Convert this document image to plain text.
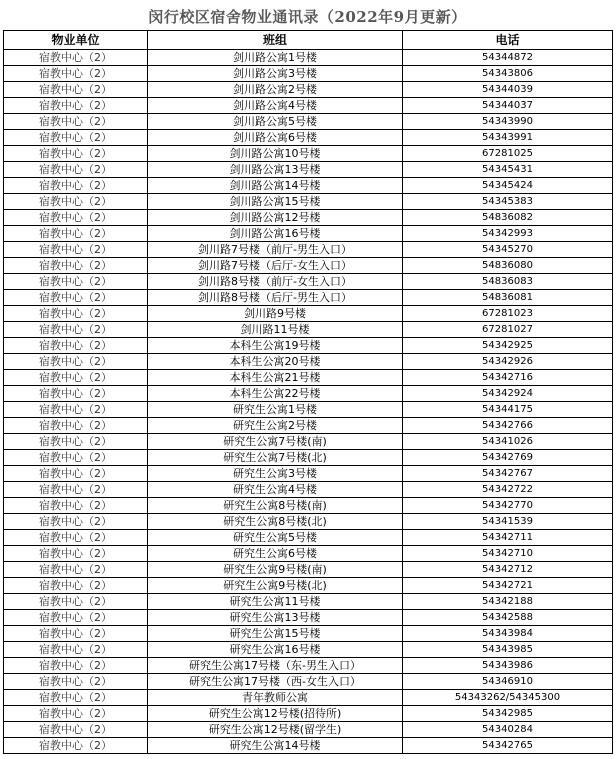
闵行校区宿舍物业通讯录（2022年9月更新）
物业单位	班组	电话
宿教中心（2）	剑川路公寓1号楼	54344872
宿教中心（2）	剑川路公寓3号楼	54343806
宿教中心（2）	剑川路公寓2号楼	54344039
宿教中心（2）	剑川路公寓4号楼	54344037
宿教中心（2）	剑川路公寓5号楼	54343990
宿教中心（2）	剑川路公寓6号楼	54343991
宿教中心（2）	剑川路公寓10号楼	67281025
宿教中心（2）	剑川路公寓13号楼	54345431
宿教中心（2）	剑川路公寓14号楼	54345424
宿教中心（2）	剑川路公寓15号楼	54345383
宿教中心（2）	剑川路公寓12号楼	54836082
宿教中心（2）	剑川路公寓16号楼	54342993
宿教中心（2）	剑川路7号楼（前厅-男生入口）	54345270
宿教中心（2）	剑川路7号楼（后厅-女生入口）	54836080
宿教中心（2）	剑川路8号楼（前厅-女生入口）	54836083
宿教中心（2）	剑川路8号楼（后厅-男生入口）	54836081
宿教中心（2）	剑川路9号楼	67281023
宿教中心（2）	剑川路11号楼	67281027
宿教中心（2）	本科生公寓19号楼	54342925
宿教中心（2）	本科生公寓20号楼	54342926
宿教中心（2）	本科生公寓21号楼	54342716
宿教中心（2）	本科生公寓22号楼	54342924
宿教中心（2）	研究生公寓1号楼	54344175
宿教中心（2）	研究生公寓2号楼	54342766
宿教中心（2）	研究生公寓7号楼(南)	54341026
宿教中心（2）	研究生公寓7号楼(北)	54342769
宿教中心（2）	研究生公寓3号楼	54342767
宿教中心（2）	研究生公寓4号楼	54342722
宿教中心（2）	研究生公寓8号楼(南)	54342770
宿教中心（2）	研究生公寓8号楼(北)	54341539
宿教中心（2）	研究生公寓5号楼	54342711
宿教中心（2）	研究生公寓6号楼	54342710
宿教中心（2）	研究生公寓9号楼(南)	54342712
宿教中心（2）	研究生公寓9号楼(北)	54342721
宿教中心（2）	研究生公寓11号楼	54342188
宿教中心（2）	研究生公寓13号楼	54342588
宿教中心（2）	研究生公寓15号楼	54343984
宿教中心（2）	研究生公寓16号楼	54343985
宿教中心（2）	研究生公寓17号楼（东-男生入口）	54343986
宿教中心（2）	研究生公寓17号楼（西-女生入口）	54346910
宿教中心（2）	青年教师公寓	54343262/54345300
宿教中心（2）	研究生公寓12号楼(招待所)	54342985
宿教中心（2）	研究生公寓12号楼(留学生)	54340284
宿教中心（2）	研究生公寓14号楼	54342765
